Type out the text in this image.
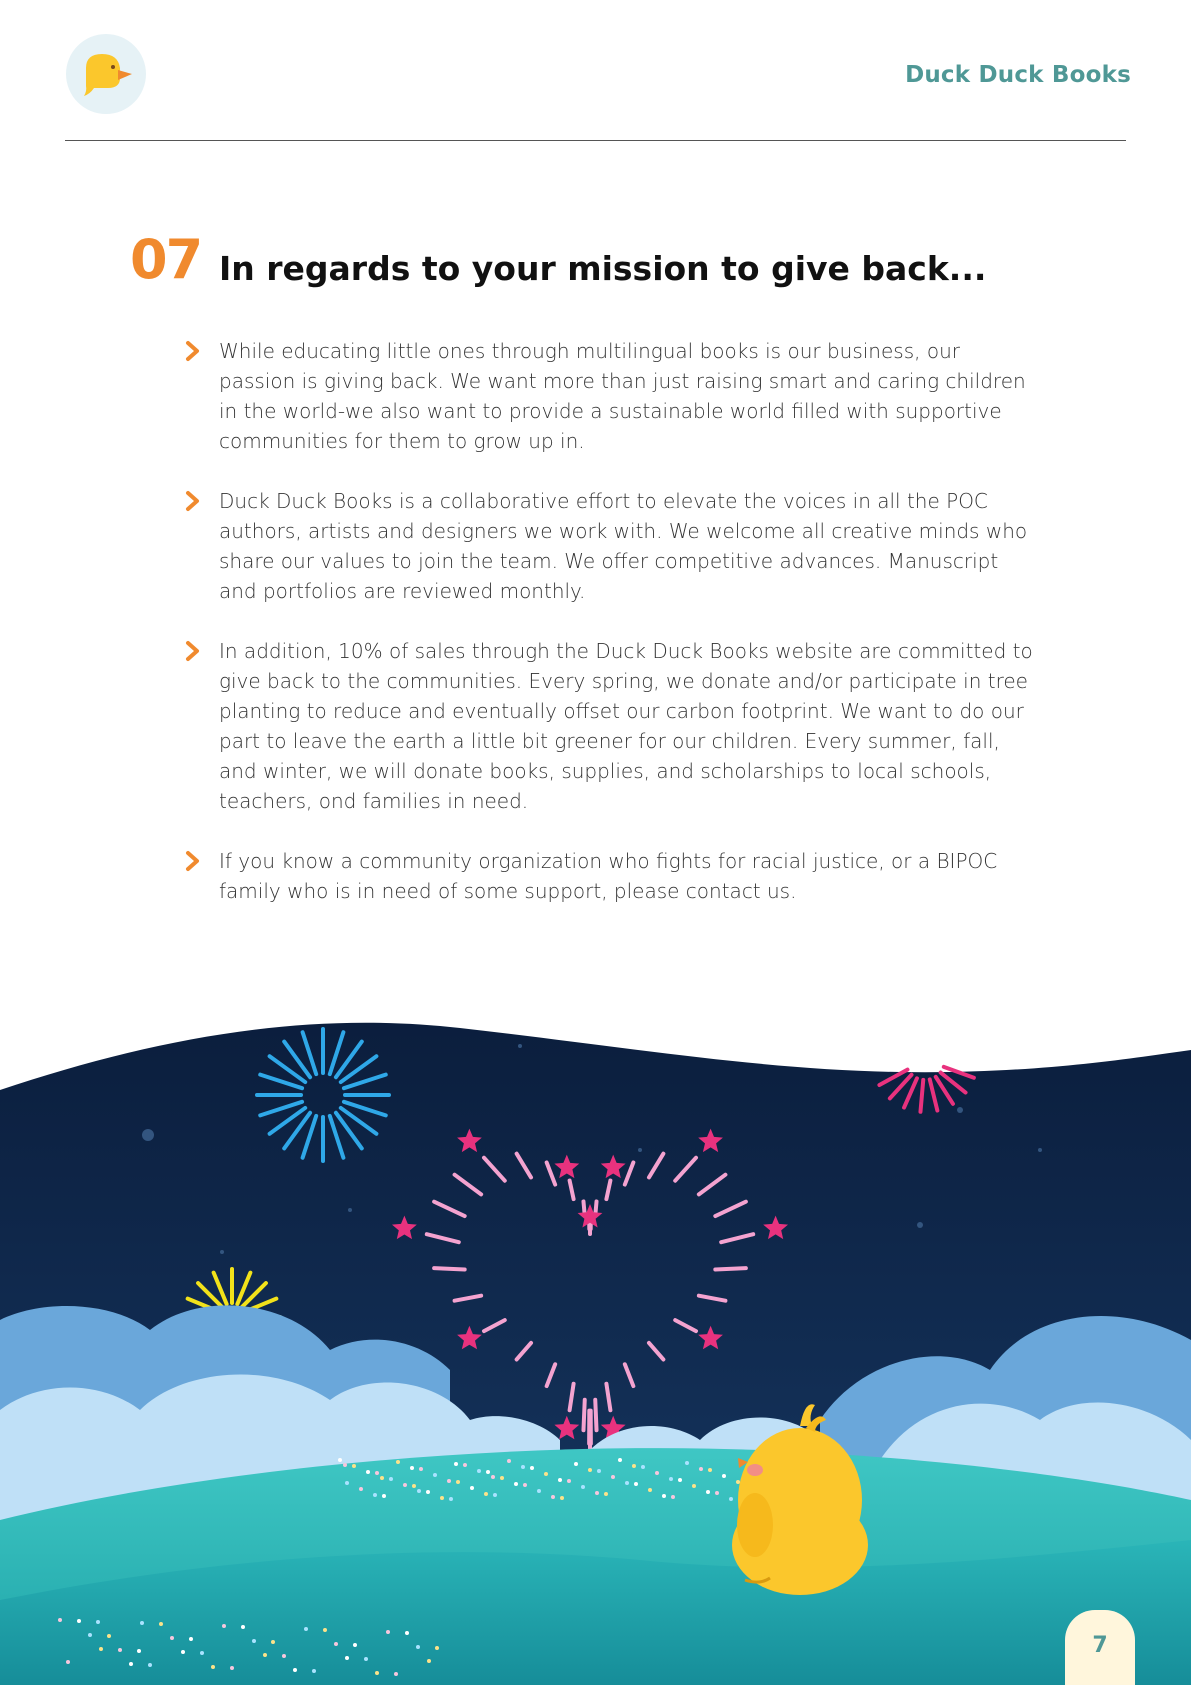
Duck Duck Books
07 In regards to your mission to give back...
While educating little ones through multilingual books is our business, our passion is giving back. We want more than just raising smart and caring children in the world-we also want to provide a sustainable world filled with supportive communities for them to grow up in.
Duck Duck Books is a collaborative effort to elevate the voices in all the POC authors, artists and designers we work with. We welcome all creative minds who share our values to join the team. We offer competitive advances. Manuscript and portfolios are reviewed monthly.
In addition, 10% of sales through the Duck Duck Books website are committed to give back to the communities. Every spring, we donate and/or participate in tree planting to reduce and eventually offset our carbon footprint. We want to do our part to leave the earth a little bit greener for our children. Every summer, fall, and winter, we will donate books, supplies, and scholarships to local schools, teachers, ond families in need.
If you know a community organization who fights for racial justice, or a BIPOC family who is in need of some support, please contact us.
7
